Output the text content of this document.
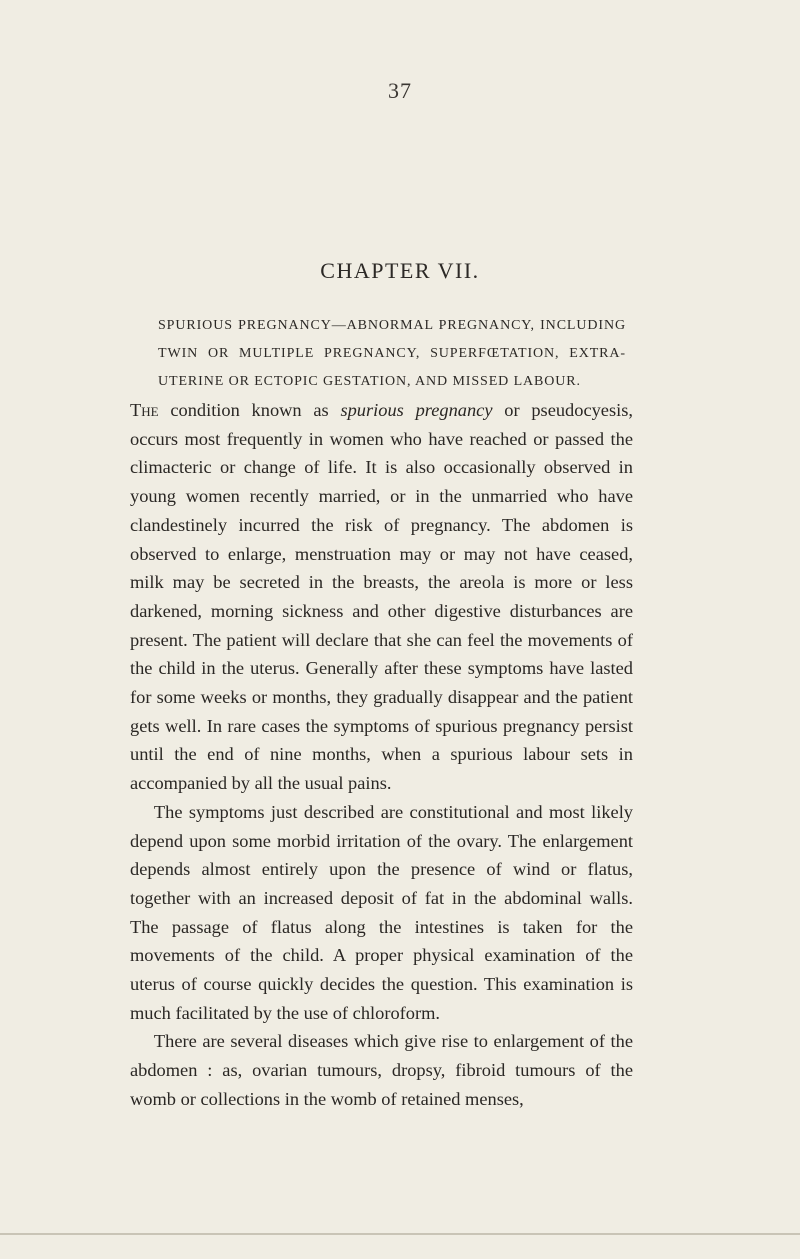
37
CHAPTER VII.
SPURIOUS PREGNANCY—ABNORMAL PREGNANCY, INCLUDING TWIN OR MULTIPLE PREGNANCY, SUPERFŒTATION, EXTRA-UTERINE OR ECTOPIC GESTATION, AND MISSED LABOUR.

The condition known as spurious pregnancy or pseudocyesis, occurs most frequently in women who have reached or passed the climacteric or change of life. It is also occasionally observed in young women recently married, or in the unmarried who have clandestinely incurred the risk of pregnancy. The abdomen is observed to enlarge, menstruation may or may not have ceased, milk may be secreted in the breasts, the areola is more or less darkened, morning sickness and other digestive disturbances are present. The patient will declare that she can feel the movements of the child in the uterus. Generally after these symptoms have lasted for some weeks or months, they gradually disappear and the patient gets well. In rare cases the symptoms of spurious pregnancy persist until the end of nine months, when a spurious labour sets in accompanied by all the usual pains.

The symptoms just described are constitutional and most likely depend upon some morbid irritation of the ovary. The enlargement depends almost entirely upon the presence of wind or flatus, together with an increased deposit of fat in the abdominal walls. The passage of flatus along the intestines is taken for the movements of the child. A proper physical examination of the uterus of course quickly decides the question. This examination is much facilitated by the use of chloroform.

There are several diseases which give rise to enlargement of the abdomen : as, ovarian tumours, dropsy, fibroid tumours of the womb or collections in the womb of retained menses,
